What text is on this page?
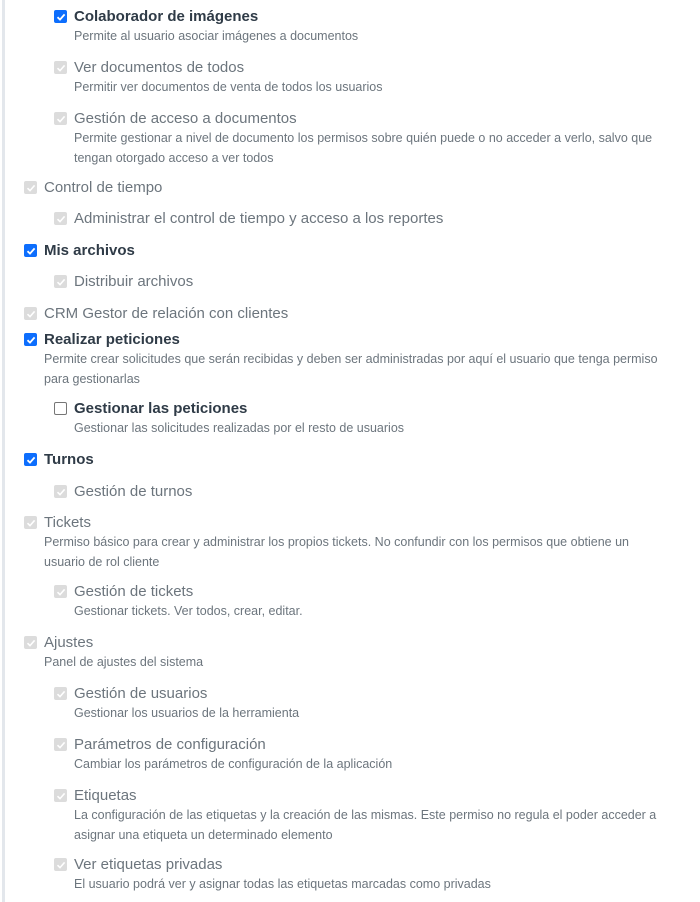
Colaborador de imágenes
Permite al usuario asociar imágenes a documentos
Ver documentos de todos
Permitir ver documentos de venta de todos los usuarios
Gestión de acceso a documentos
Permite gestionar a nivel de documento los permisos sobre quién puede o no acceder a verlo, salvo que tengan otorgado acceso a ver todos
Control de tiempo
Administrar el control de tiempo y acceso a los reportes
Mis archivos
Distribuir archivos
CRM Gestor de relación con clientes
Realizar peticiones
Permite crear solicitudes que serán recibidas y deben ser administradas por aquí el usuario que tenga permiso para gestionarlas
Gestionar las peticiones
Gestionar las solicitudes realizadas por el resto de usuarios
Turnos
Gestión de turnos
Tickets
Permiso básico para crear y administrar los propios tickets. No confundir con los permisos que obtiene un usuario de rol cliente
Gestión de tickets
Gestionar tickets. Ver todos, crear, editar.
Ajustes
Panel de ajustes del sistema
Gestión de usuarios
Gestionar los usuarios de la herramienta
Parámetros de configuración
Cambiar los parámetros de configuración de la aplicación
Etiquetas
La configuración de las etiquetas y la creación de las mismas. Este permiso no regula el poder acceder a asignar una etiqueta un determinado elemento
Ver etiquetas privadas
El usuario podrá ver y asignar todas las etiquetas marcadas como privadas
